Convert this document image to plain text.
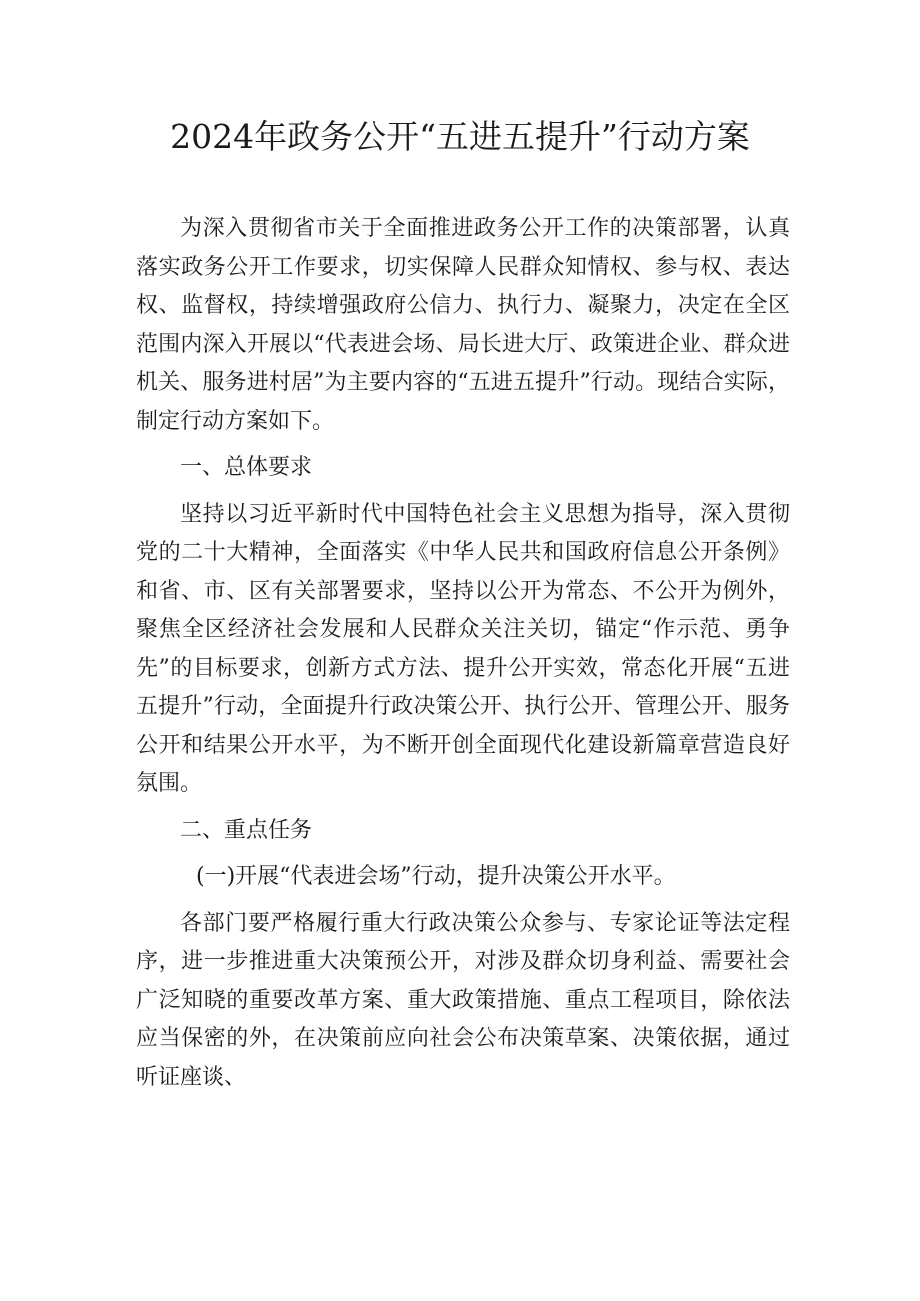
2024年政务公开“五进五提升”行动方案

为深入贯彻省市关于全面推进政务公开工作的决策部署，认真落实政务公开工作要求，切实保障人民群众知情权、参与权、表达权、监督权，持续增强政府公信力、执行力、凝聚力，决定在全区范围内深入开展以“代表进会场、局长进大厅、政策进企业、群众进机关、服务进村居”为主要内容的“五进五提升”行动。现结合实际，制定行动方案如下。

一、总体要求

坚持以习近平新时代中国特色社会主义思想为指导，深入贯彻党的二十大精神，全面落实《中华人民共和国政府信息公开条例》和省、市、区有关部署要求，坚持以公开为常态、不公开为例外，聚焦全区经济社会发展和人民群众关注关切，锚定“作示范、勇争先”的目标要求，创新方式方法、提升公开实效，常态化开展“五进五提升”行动，全面提升行政决策公开、执行公开、管理公开、服务公开和结果公开水平，为不断开创全面现代化建设新篇章营造良好氛围。

二、重点任务

(一)开展“代表进会场”行动，提升决策公开水平。

各部门要严格履行重大行政决策公众参与、专家论证等法定程序，进一步推进重大决策预公开，对涉及群众切身利益、需要社会广泛知晓的重要改革方案、重大政策措施、重点工程项目，除依法应当保密的外，在决策前应向社会公布决策草案、决策依据，通过听证座谈、
